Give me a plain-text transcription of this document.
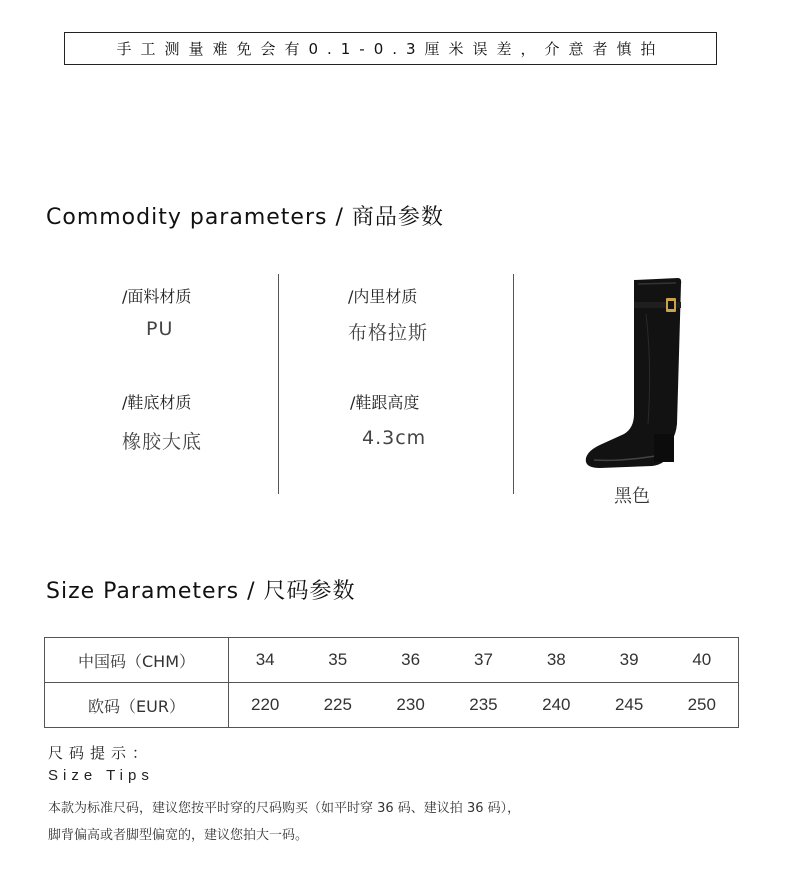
手工测量难免会有0.1-0.3厘米误差，介意者慎拍
Commodity parameters / 商品参数
/面料材质
PU
/鞋底材质
橡胶大底
/内里材质
布格拉斯
/鞋跟高度
4.3cm
黑色
Size Parameters / 尺码参数
中国码（CHM）	34	35	36	37	38	39	40
欧码（EUR）	220	225	230	235	240	245	250
尺码提示：
Size Tips
本款为标准尺码，建议您按平时穿的尺码购买（如平时穿 36 码、建议拍 36 码），
脚背偏高或者脚型偏宽的，建议您拍大一码。
